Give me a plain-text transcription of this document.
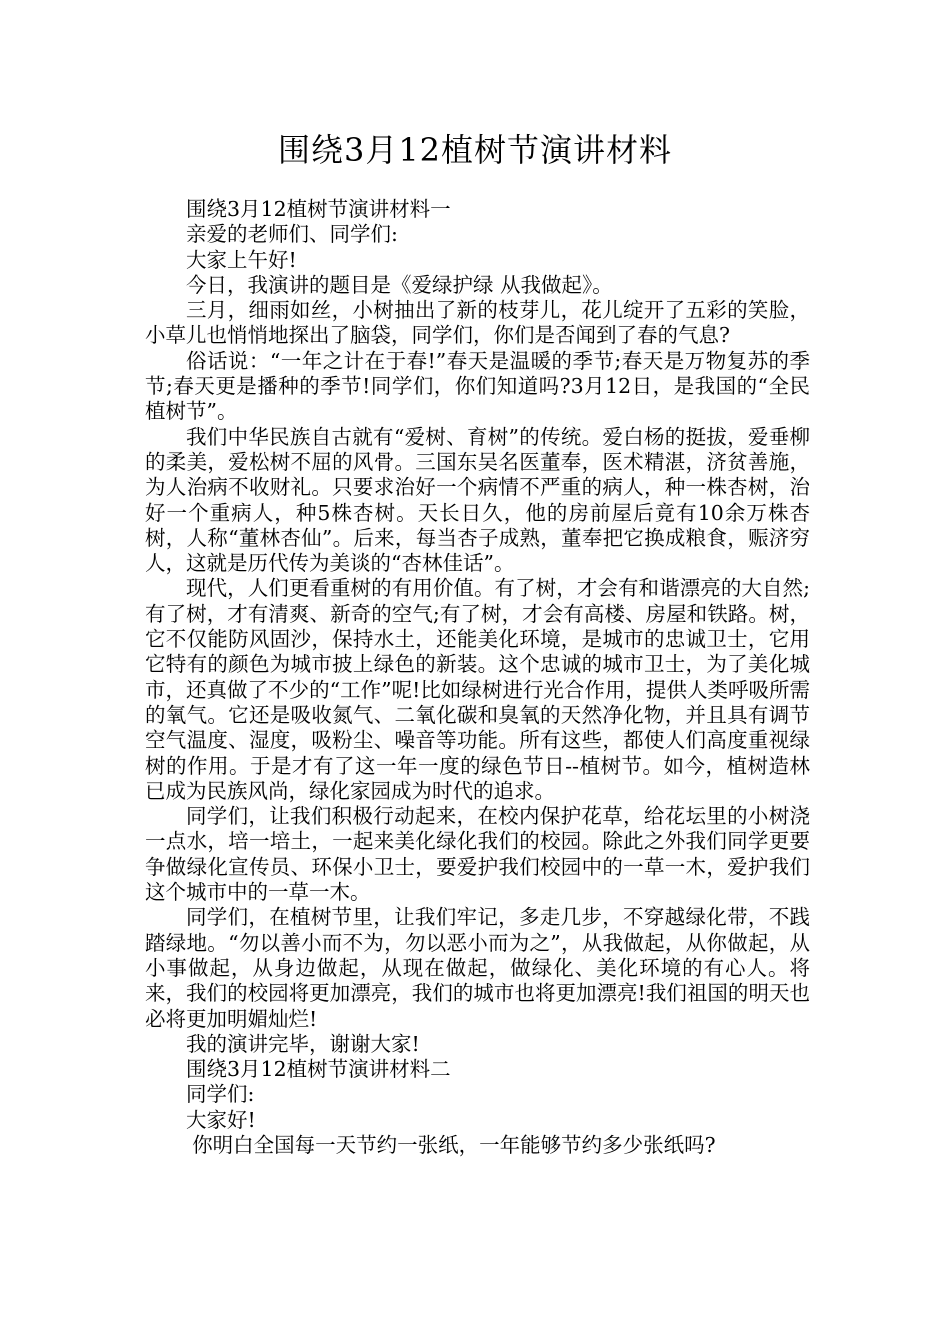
围绕3月12植树节演讲材料

围绕3月12植树节演讲材料一

亲爱的老师们、同学们:

大家上午好!

今日，我演讲的题目是《爱绿护绿 从我做起》。

三月，细雨如丝，小树抽出了新的枝芽儿，花儿绽开了五彩的笑脸，小草儿也悄悄地探出了脑袋，同学们，你们是否闻到了春的气息?

俗话说：“一年之计在于春!”春天是温暖的季节;春天是万物复苏的季节;春天更是播种的季节!同学们，你们知道吗?3月12日，是我国的“全民植树节”。

我们中华民族自古就有“爱树、育树”的传统。爱白杨的挺拔，爱垂柳的柔美，爱松树不屈的风骨。三国东吴名医董奉，医术精湛，济贫善施，为人治病不收财礼。只要求治好一个病情不严重的病人，种一株杏树，治好一个重病人，种5株杏树。天长日久，他的房前屋后竟有10余万株杏树，人称“董林杏仙”。后来，每当杏子成熟，董奉把它换成粮食，赈济穷人，这就是历代传为美谈的“杏林佳话”。

现代，人们更看重树的有用价值。有了树，才会有和谐漂亮的大自然;有了树，才有清爽、新奇的空气;有了树，才会有高楼、房屋和铁路。树，它不仅能防风固沙，保持水土，还能美化环境，是城市的忠诚卫士，它用它特有的颜色为城市披上绿色的新装。这个忠诚的城市卫士，为了美化城市，还真做了不少的“工作”呢!比如绿树进行光合作用，提供人类呼吸所需的氧气。它还是吸收氮气、二氧化碳和臭氧的天然净化物，并且具有调节空气温度、湿度，吸粉尘、噪音等功能。所有这些，都使人们高度重视绿树的作用。于是才有了这一年一度的绿色节日--植树节。如今，植树造林已成为民族风尚，绿化家园成为时代的追求。

同学们，让我们积极行动起来，在校内保护花草，给花坛里的小树浇一点水，培一培土，一起来美化绿化我们的校园。除此之外我们同学更要争做绿化宣传员、环保小卫士，要爱护我们校园中的一草一木，爱护我们这个城市中的一草一木。

同学们，在植树节里，让我们牢记，多走几步，不穿越绿化带，不践踏绿地。“勿以善小而不为，勿以恶小而为之”，从我做起，从你做起，从小事做起，从身边做起，从现在做起，做绿化、美化环境的有心人。将来，我们的校园将更加漂亮，我们的城市也将更加漂亮!我们祖国的明天也必将更加明媚灿烂!

我的演讲完毕，谢谢大家!

围绕3月12植树节演讲材料二

同学们:

大家好!

你明白全国每一天节约一张纸，一年能够节约多少张纸吗?
